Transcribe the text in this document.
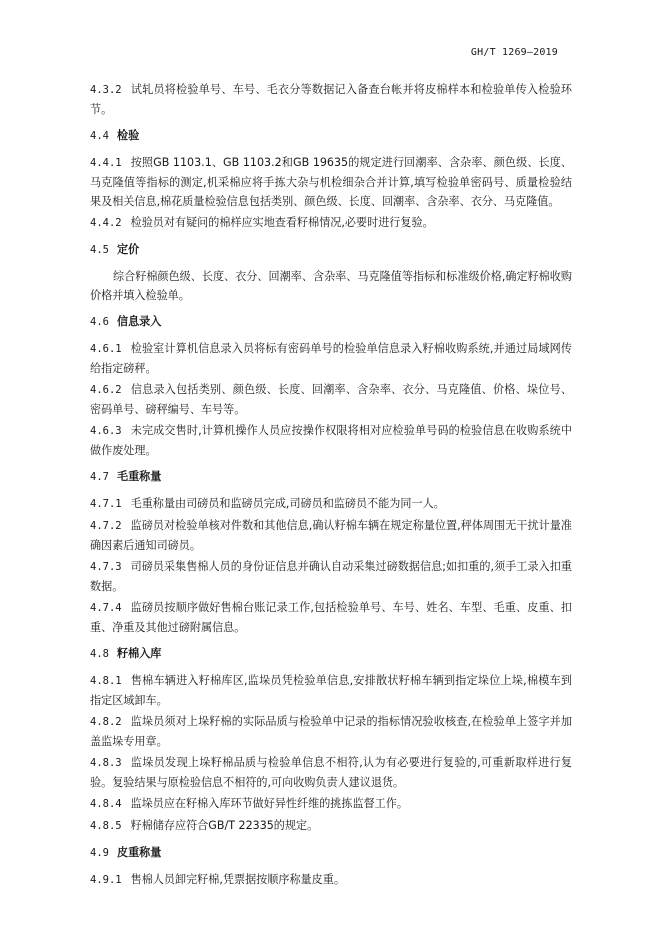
GH/T 1269—2019

4.3.2 试轧员将检验单号、车号、毛衣分等数据记入备查台帐并将皮棉样本和检验单传入检验环节。

4.4 检验

4.4.1 按照GB 1103.1、GB 1103.2和GB 19635的规定进行回潮率、含杂率、颜色级、长度、马克隆值等指标的测定,机采棉应将手拣大杂与机检细杂合并计算,填写检验单密码号、质量检验结果及相关信息,棉花质量检验信息包括类别、颜色级、长度、回潮率、含杂率、衣分、马克隆值。

4.4.2 检验员对有疑问的棉样应实地查看籽棉情况,必要时进行复验。

4.5 定价

综合籽棉颜色级、长度、衣分、回潮率、含杂率、马克隆值等指标和标准级价格,确定籽棉收购价格并填入检验单。

4.6 信息录入

4.6.1 检验室计算机信息录入员将标有密码单号的检验单信息录入籽棉收购系统,并通过局域网传给指定磅秤。

4.6.2 信息录入包括类别、颜色级、长度、回潮率、含杂率、衣分、马克隆值、价格、垛位号、密码单号、磅秤编号、车号等。

4.6.3 未完成交售时,计算机操作人员应按操作权限将相对应检验单号码的检验信息在收购系统中做作废处理。

4.7 毛重称量

4.7.1 毛重称量由司磅员和监磅员完成,司磅员和监磅员不能为同一人。

4.7.2 监磅员对检验单核对件数和其他信息,确认籽棉车辆在规定称量位置,秤体周围无干扰计量准确因素后通知司磅员。

4.7.3 司磅员采集售棉人员的身份证信息并确认自动采集过磅数据信息;如扣重的,须手工录入扣重数据。

4.7.4 监磅员按顺序做好售棉台账记录工作,包括检验单号、车号、姓名、车型、毛重、皮重、扣重、净重及其他过磅附属信息。

4.8 籽棉入库

4.8.1 售棉车辆进入籽棉库区,监垛员凭检验单信息,安排散状籽棉车辆到指定垛位上垛,棉模车到指定区域卸车。

4.8.2 监垛员须对上垛籽棉的实际品质与检验单中记录的指标情况验收核查,在检验单上签字并加盖监垛专用章。

4.8.3 监垛员发现上垛籽棉品质与检验单信息不相符,认为有必要进行复验的,可重新取样进行复验。复验结果与原检验信息不相符的,可向收购负责人建议退货。

4.8.4 监垛员应在籽棉入库环节做好异性纤维的挑拣监督工作。

4.8.5 籽棉储存应符合GB/T 22335的规定。

4.9 皮重称量

4.9.1 售棉人员卸完籽棉,凭票据按顺序称量皮重。
